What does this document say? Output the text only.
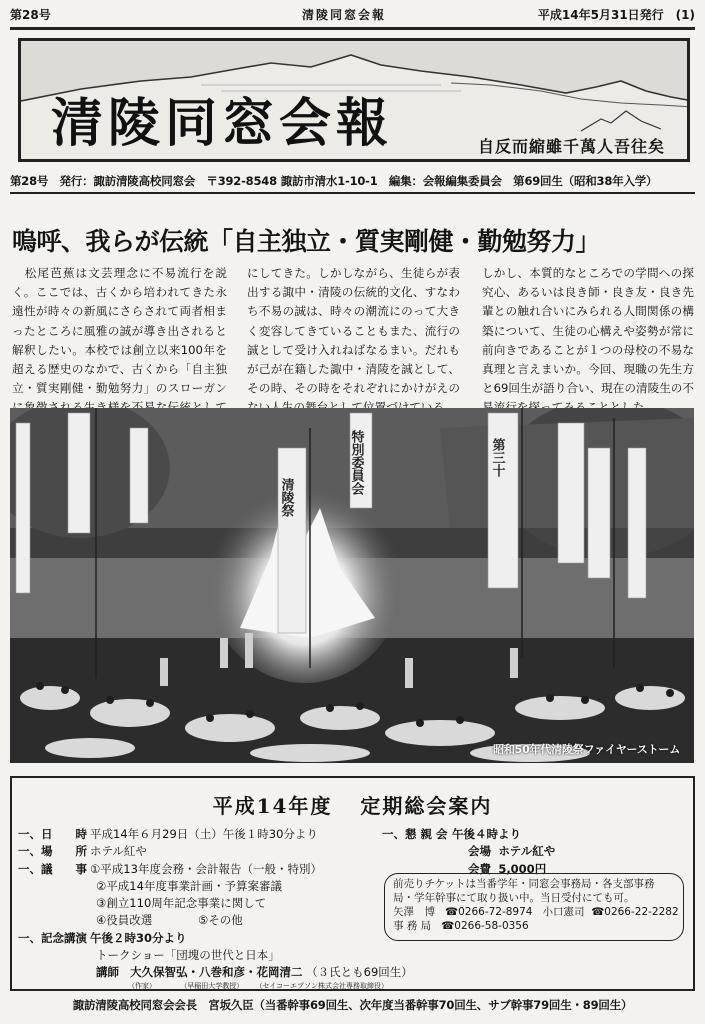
第28号	清陵同窓会報	平成14年5月31日発行　(1)
清陵同窓会報	自反而縮雖千萬人吾往矣
第28号　発行：諏訪清陵高校同窓会　〒392-8548 諏訪市清水1-10-1　編集：会報編集委員会　第69回生（昭和38年入学）
嗚呼、我らが伝統「自主独立・質実剛健・勤勉努力」
　松尾芭蕉は文芸理念に不易流行を説く。ここでは、古くから培われてきた永遠性が時々の新風にさらされて両者相まったところに風雅の誠が導き出されると解釈したい。本校では創立以来100年を超える歴史のなかで、古くから「自主独立・質実剛健・勤勉努力」のスローガン
にしてきた。しかしながら、生徒らが表出する諏中・清陵の伝統的文化、すなわち不易の誠は、時々の潮流にのって大きく変容してきていることもまた、流行の誠として受け入れねばなるまい。だれもが己が在籍した諏中・清陵を誠として、その時、その時をそれぞれにかけがえの
しかし、本質的なところでの学問への探究心、あるいは良き師・良き友・良き先輩との触れ合いにみられる人間関係の構築について、生徒の心構えや姿勢が常に前向きであることが１つの母校の不易な真理と言えまいか。今回、現職の先生方と69回生が語り合い、現在の清陵生の不
清陵祭
特別委員会	第三十
昭和50年代清陵祭ファイヤーストーム
平成14年度 定期総会案内
一、日　　時 平成14年６月29日（土）午後１時30分より
一、場　　所 ホテル紅や
一、議　　事 ①平成13年度会務・会計報告（一般・特別）
②平成14年度事業計画・予算案審議
③創立110周年記念事業に関して
④役員改選	⑤その他
一、記念講演 午後２時30分より
トークショー「団塊の世代と日本」
講師 大久保智弘・八巻和彦・花岡清二 （３氏とも69回生）
（作家）	（早稲田大学教授） （セイコーエプソン株式会社専務取締役）
一、懇 親 会 午後４時より
会場 ホテル紅や
会費 5,000円
前売りチケットは当番学年・同窓会事務局・各支部事務局・学年幹事にて取り扱い中。当日受付にても可。
矢澤　博 ☎0266-72-8974 小口憲司 ☎0266-22-2282
事 務 局 ☎0266-58-0356
諏訪清陵高校同窓会会長　宮坂久臣（当番幹事69回生、次年度当番幹事70回生、サブ幹事79回生・89回生）
